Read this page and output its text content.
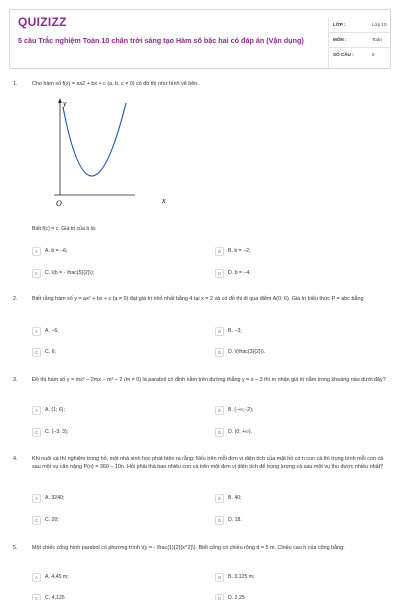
QUIZIZZ
5 câu Trắc nghiệm Toán 10 chân trời sáng tạo Hàm số bậc hai có đáp án (Vận dụng)
LỚP :	Lớp 10
MÔN :	Toán
SỐ CÂU :	5
1.	Cho hàm số f(x) = ax2 + bx + c (a, b, c ≠ 0) có đồ thị như hình vẽ bên.
y
x
O
Biết f(c) = c. Giá trị của b là:
A	A. b = −6;	B	B. b = −2;
C	C. \(b = - \frac{5}{2}\);	D	D. b = −4.
2.	Biết rằng hàm số y = ax² + bx + c (a ≠ 0) đạt giá trị nhỏ nhất bằng 4 tại x = 2 và có đồ thị đi qua điểm A(0; 6). Giá trị biểu thức P = abc bằng
A	A. −6;	B	B. −3;
C	C. 6;	D	D. \(\frac{3}{2}\).
3.	Đồ thị hàm số y = mx² − 2mx − m² − 2 (m ≠ 0) là parabol có đỉnh nằm trên đường thẳng y = x − 3 thì m nhận giá trị nằm trong khoảng nào dưới đây?
A	A. (1; 6);	B	B. (−∞;−2);
C	C. (−3; 3);	D	D. (0; +∞).
4.	Khi nuôi cá thí nghiệm trong hồ, một nhà sinh học phát hiện ra rằng: Nếu trên mỗi đơn vị diện tích của mặt hồ có n con cá thì trung bình mỗi con cá sau một vụ cân nặng P(n) = 360 − 10n. Hỏi phải thả bao nhiêu con cá trên một đơn vị diện tích để trọng lượng cá sau một vụ thu được nhiều nhất?
A	A. 3240;	B	B. 40;
C	C. 20;	D	D. 18.
5.	Một chiếc cổng hình parabol có phương trình \(y = - \frac{1}{2}{x^2}\). Biết cổng có chiều rộng d = 5 m. Chiều cao h của cổng bằng:
A	A. 4,45 m;	B	B. 3,125 m;
C	C. 4,125	D	D. 2,25
